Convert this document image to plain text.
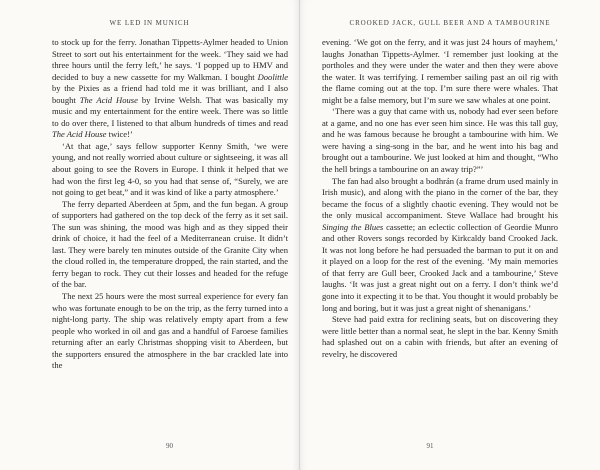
WE LED IN MUNICH

to stock up for the ferry. Jonathan Tippetts-Aylmer headed to Union Street to sort out his entertainment for the week. ‘They said we had three hours until the ferry left,’ he says. ‘I popped up to HMV and decided to buy a new cassette for my Walkman. I bought Doolittle by the Pixies as a friend had told me it was brilliant, and I also bought The Acid House by Irvine Welsh. That was basically my music and my entertainment for the entire week. There was so little to do over there, I listened to that album hundreds of times and read The Acid House twice!’

‘At that age,’ says fellow supporter Kenny Smith, ‘we were young, and not really worried about culture or sightseeing, it was all about going to see the Rovers in Europe. I think it helped that we had won the first leg 4-0, so you had that sense of, “Surely, we are not going to get beat,” and it was kind of like a party atmosphere.’

The ferry departed Aberdeen at 5pm, and the fun began. A group of supporters had gathered on the top deck of the ferry as it set sail. The sun was shining, the mood was high and as they sipped their drink of choice, it had the feel of a Mediterranean cruise. It didn’t last. They were barely ten minutes outside of the Granite City when the cloud rolled in, the temperature dropped, the rain started, and the ferry began to rock. They cut their losses and headed for the refuge of the bar.

The next 25 hours were the most surreal experience for every fan who was fortunate enough to be on the trip, as the ferry turned into a night-long party. The ship was relatively empty apart from a few people who worked in oil and gas and a handful of Faroese families returning after an early Christmas shopping visit to Aberdeen, but the supporters ensured the atmosphere in the bar crackled late into the

90
CROOKED JACK, GULL BEER AND A TAMBOURINE

evening. ‘We got on the ferry, and it was just 24 hours of mayhem,’ laughs Jonathan Tippetts-Aylmer. ‘I remember just looking at the portholes and they were under the water and then they were above the water. It was terrifying. I remember sailing past an oil rig with the flame coming out at the top. I’m sure there were whales. That might be a false memory, but I’m sure we saw whales at one point.

‘There was a guy that came with us, nobody had ever seen before at a game, and no one has ever seen him since. He was this tall guy, and he was famous because he brought a tambourine with him. We were having a sing-song in the bar, and he went into his bag and brought out a tambourine. We just looked at him and thought, “Who the hell brings a tambourine on an away trip?”’

The fan had also brought a bodhrán (a frame drum used mainly in Irish music), and along with the piano in the corner of the bar, they became the focus of a slightly chaotic evening. They would not be the only musical accompaniment. Steve Wallace had brought his Singing the Blues cassette; an eclectic collection of Geordie Munro and other Rovers songs recorded by Kirkcaldy band Crooked Jack. It was not long before he had persuaded the barman to put it on and it played on a loop for the rest of the evening. ‘My main memories of that ferry are Gull beer, Crooked Jack and a tambourine,’ Steve laughs. ‘It was just a great night out on a ferry. I don’t think we’d gone into it expecting it to be that. You thought it would probably be long and boring, but it was just a great night of shenanigans.’

Steve had paid extra for reclining seats, but on discovering they were little better than a normal seat, he slept in the bar. Kenny Smith had splashed out on a cabin with friends, but after an evening of revelry, he discovered

91
